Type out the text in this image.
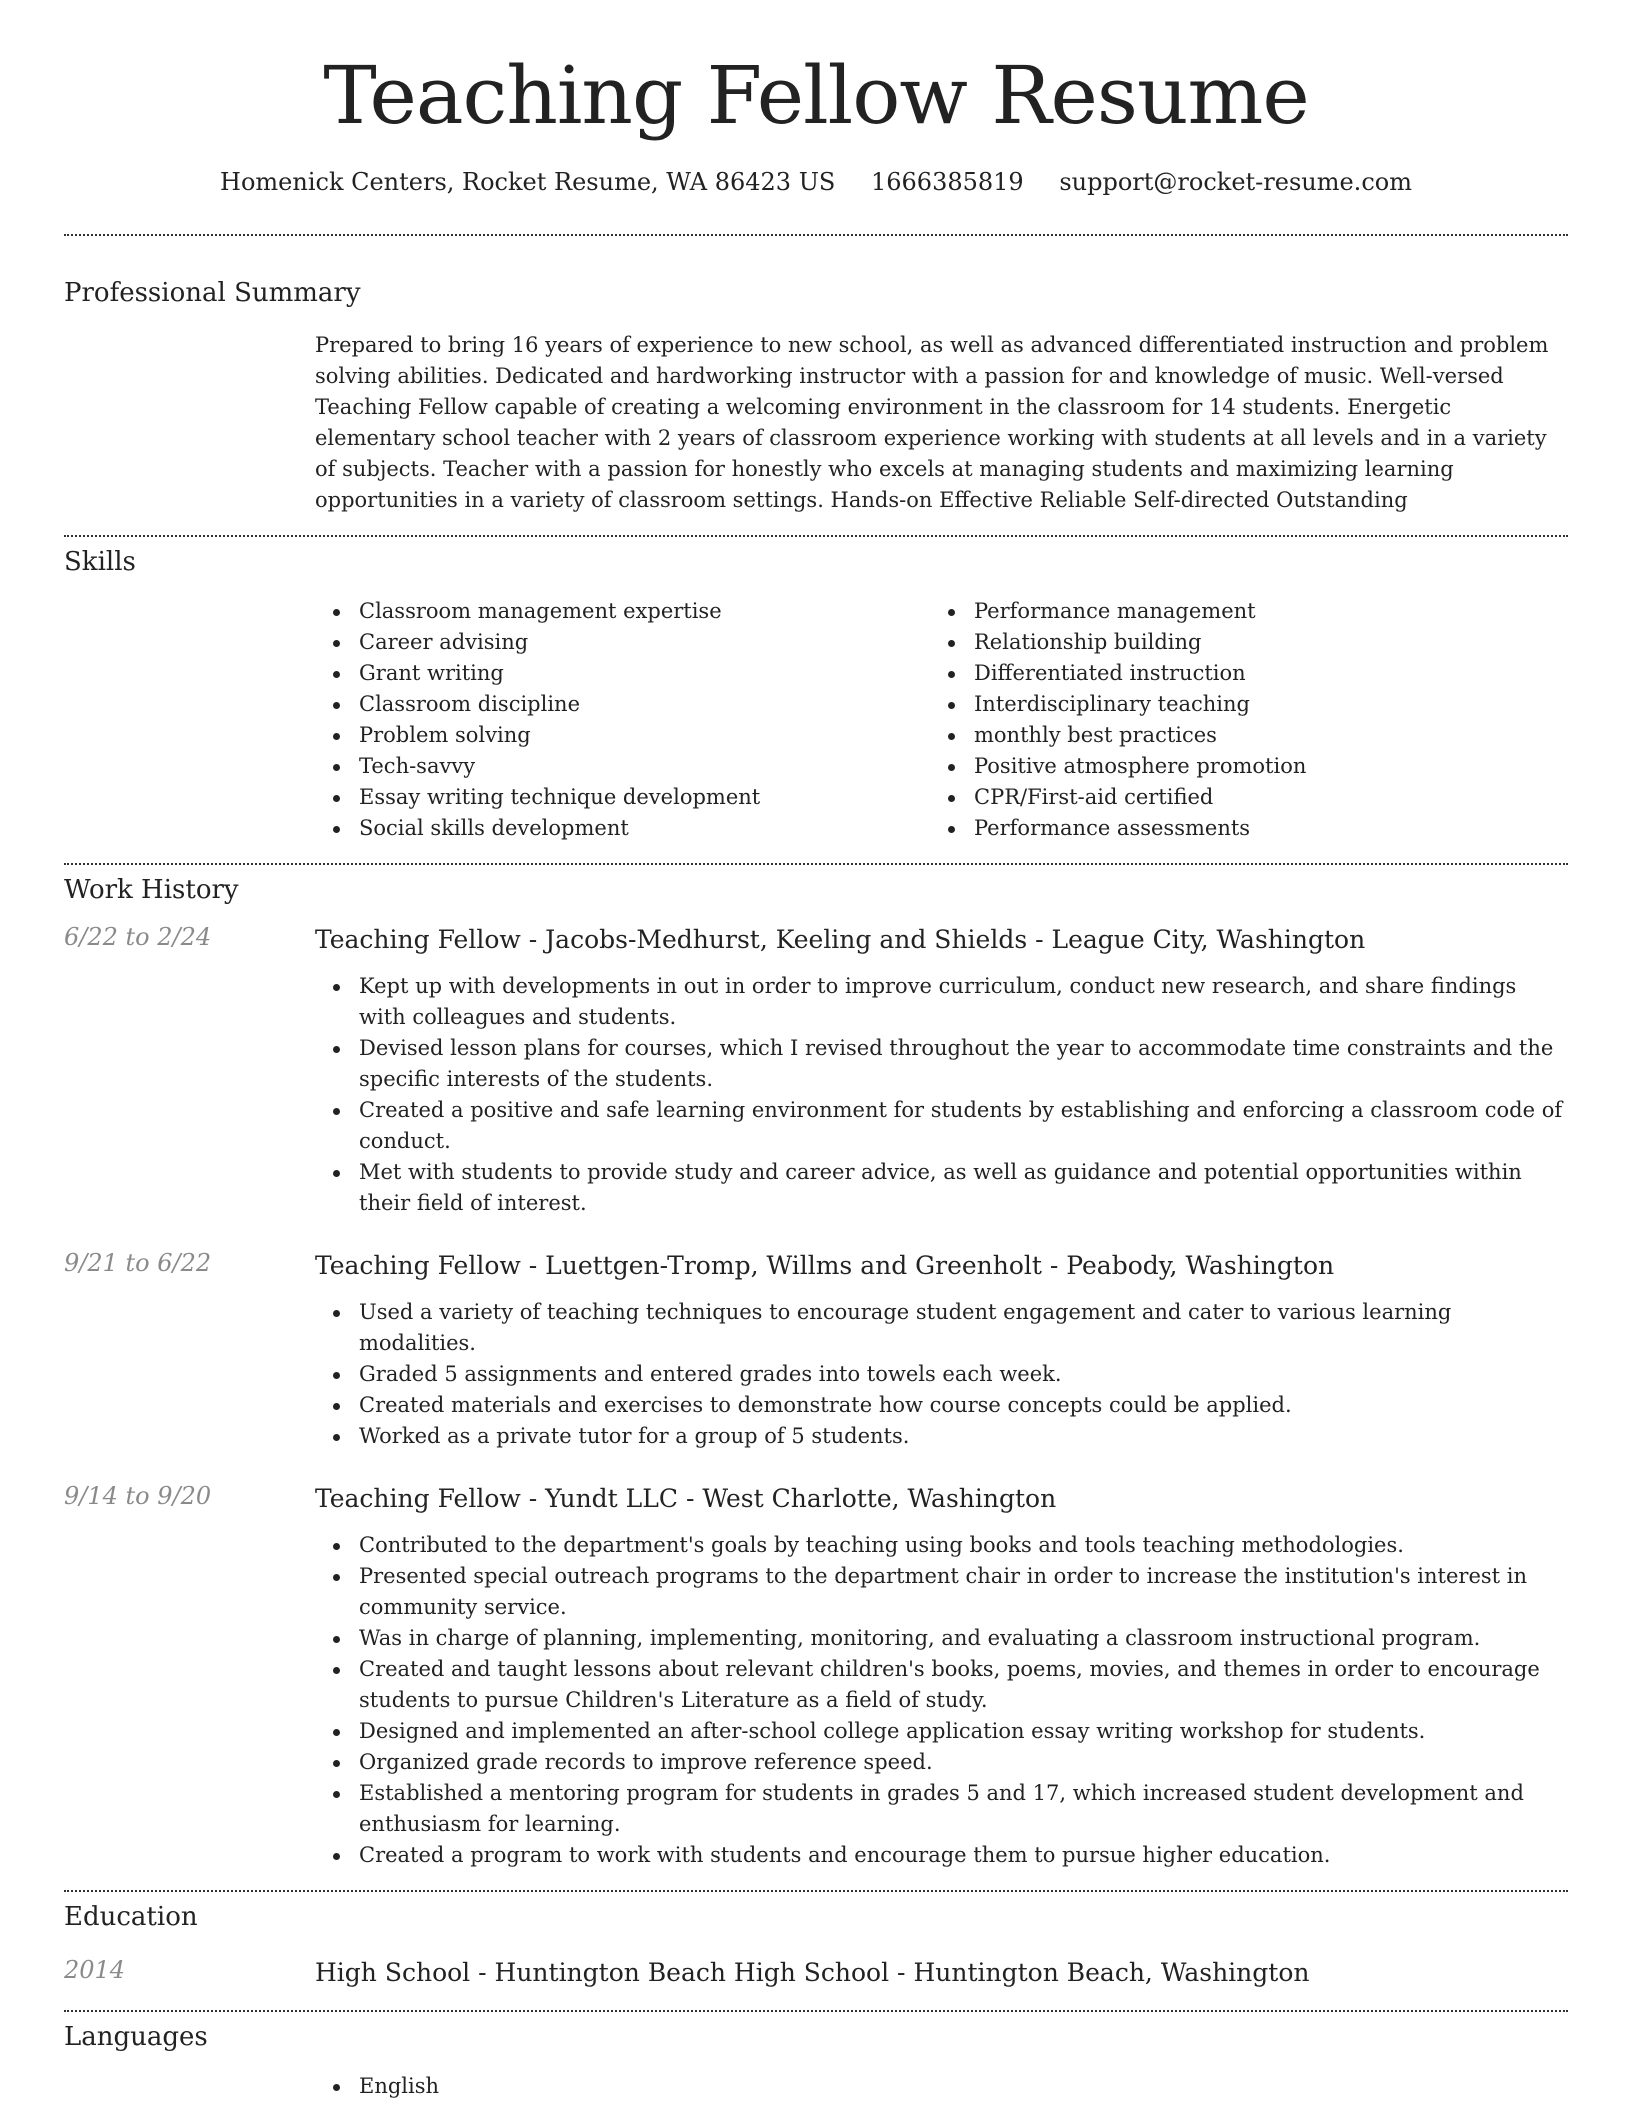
Teaching Fellow Resume
Homenick Centers, Rocket Resume, WA 86423 US 1666385819 support@rocket-resume.com
Professional Summary

Prepared to bring 16 years of experience to new school, as well as advanced differentiated instruction and problem solving abilities. Dedicated and hardworking instructor with a passion for and knowledge of music. Well-versed Teaching Fellow capable of creating a welcoming environment in the classroom for 14 students. Energetic elementary school teacher with 2 years of classroom experience working with students at all levels and in a variety of subjects. Teacher with a passion for honestly who excels at managing students and maximizing learning opportunities in a variety of classroom settings. Hands-on Effective Reliable Self-directed Outstanding

Skills
Classroom management expertise
Career advising
Grant writing
Classroom discipline
Problem solving
Tech-savvy
Essay writing technique development
Social skills development
Performance management
Relationship building
Differentiated instruction
Interdisciplinary teaching
monthly best practices
Positive atmosphere promotion
CPR/First-aid certified
Performance assessments
Work History
6/22 to 2/24	Teaching Fellow - Jacobs-Medhurst, Keeling and Shields - League City, Washington
Kept up with developments in out in order to improve curriculum, conduct new research, and share findings with colleagues and students.
Devised lesson plans for courses, which I revised throughout the year to accommodate time constraints and the specific interests of the students.
Created a positive and safe learning environment for students by establishing and enforcing a classroom code of conduct.
Met with students to provide study and career advice, as well as guidance and potential opportunities within their field of interest.
9/21 to 6/22	Teaching Fellow - Luettgen-Tromp, Willms and Greenholt - Peabody, Washington
Used a variety of teaching techniques to encourage student engagement and cater to various learning modalities.
Graded 5 assignments and entered grades into towels each week.
Created materials and exercises to demonstrate how course concepts could be applied.
Worked as a private tutor for a group of 5 students.
9/14 to 9/20	Teaching Fellow - Yundt LLC - West Charlotte, Washington
Contributed to the department's goals by teaching using books and tools teaching methodologies.
Presented special outreach programs to the department chair in order to increase the institution's interest in community service.
Was in charge of planning, implementing, monitoring, and evaluating a classroom instructional program.
Created and taught lessons about relevant children's books, poems, movies, and themes in order to encourage students to pursue Children's Literature as a field of study.
Designed and implemented an after-school college application essay writing workshop for students.
Organized grade records to improve reference speed.
Established a mentoring program for students in grades 5 and 17, which increased student development and enthusiasm for learning.
Created a program to work with students and encourage them to pursue higher education.
Education
2014	High School - Huntington Beach High School - Huntington Beach, Washington
Languages
English
